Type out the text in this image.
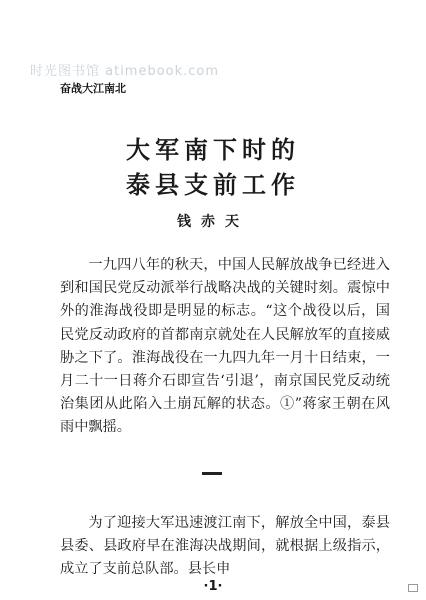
时光图书馆 atimebook.com
奋战大江南北
大军南下时的
泰县支前工作
钱赤天

一九四八年的秋天，中国人民解放战争已经进入到和国民党反动派举行战略决战的关键时刻。震惊中外的淮海战役即是明显的标志。“这个战役以后，国民党反动政府的首都南京就处在人民解放军的直接威胁之下了。淮海战役在一九四九年一月十日结束，一月二十一日蒋介石即宣告‘引退’，南京国民党反动统治集团从此陷入土崩瓦解的状态。①”蒋家王朝在风雨中飘摇。

为了迎接大军迅速渡江南下，解放全中国，泰县县委、县政府早在淮海决战期间，就根据上级指示，成立了支前总队部。县长申

·1·
